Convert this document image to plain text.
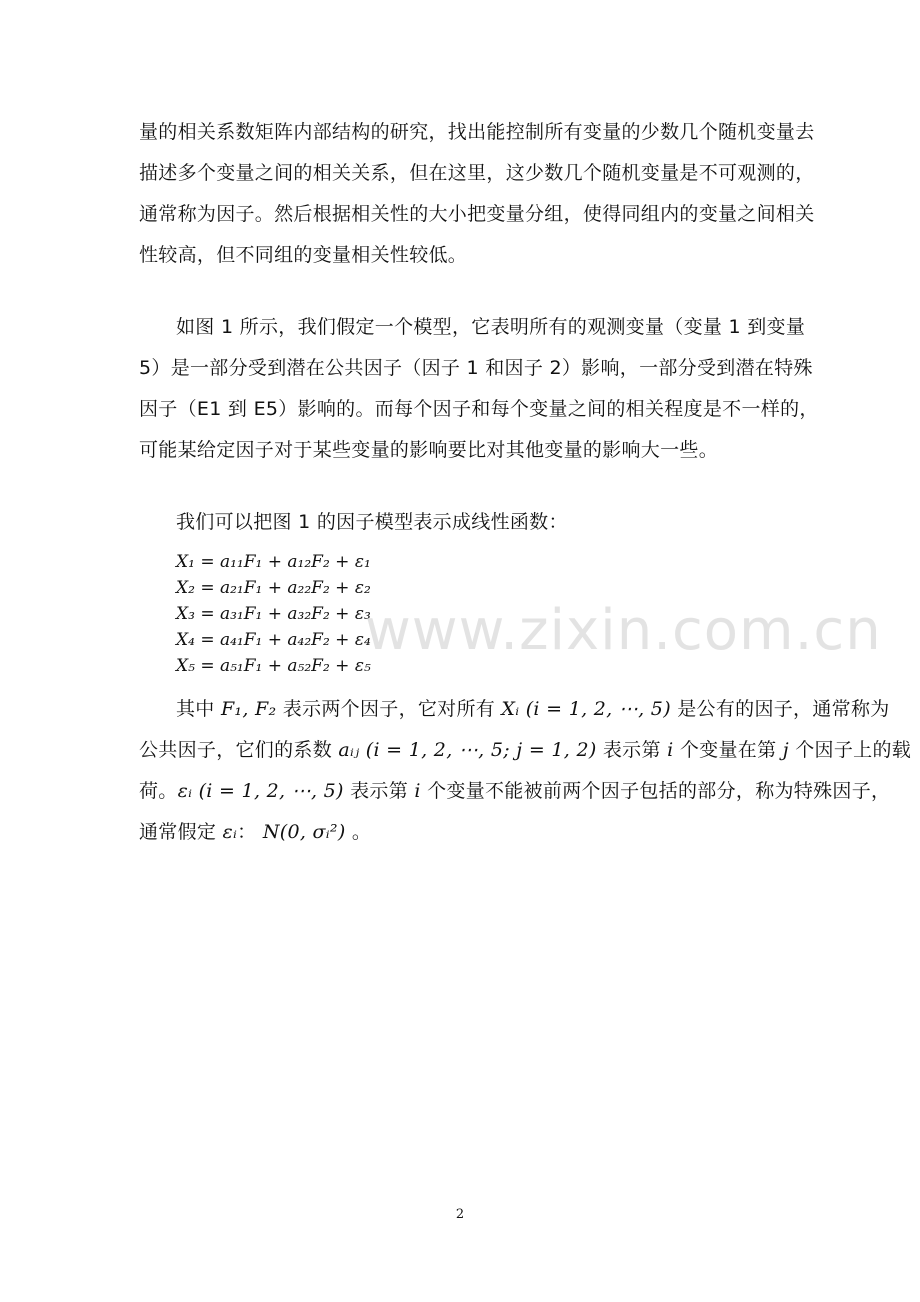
量的相关系数矩阵内部结构的研究，找出能控制所有变量的少数几个随机变量去
描述多个变量之间的相关关系，但在这里，这少数几个随机变量是不可观测的，
通常称为因子。然后根据相关性的大小把变量分组，使得同组内的变量之间相关
性较高，但不同组的变量相关性较低。
如图 1 所示，我们假定一个模型，它表明所有的观测变量（变量 1 到变量
5）是一部分受到潜在公共因子（因子 1 和因子 2）影响，一部分受到潜在特殊
因子（E1 到 E5）影响的。而每个因子和每个变量之间的相关程度是不一样的，
可能某给定因子对于某些变量的影响要比对其他变量的影响大一些。
我们可以把图 1 的因子模型表示成线性函数：
X₁ = a₁₁F₁ + a₁₂F₂ + ε₁
X₂ = a₂₁F₁ + a₂₂F₂ + ε₂
X₃ = a₃₁F₁ + a₃₂F₂ + ε₃
X₄ = a₄₁F₁ + a₄₂F₂ + ε₄
X₅ = a₅₁F₁ + a₅₂F₂ + ε₅
其中 F₁, F₂ 表示两个因子，它对所有 Xᵢ (i = 1, 2, ⋯, 5) 是公有的因子，通常称为
公共因子，它们的系数 aᵢⱼ (i = 1, 2, ⋯, 5; j = 1, 2) 表示第 i 个变量在第 j 个因子上的载
荷。εᵢ (i = 1, 2, ⋯, 5) 表示第 i 个变量不能被前两个因子包括的部分，称为特殊因子，
通常假定 εᵢ： N(0, σᵢ²) 。
www.zixin.com.cn
2
